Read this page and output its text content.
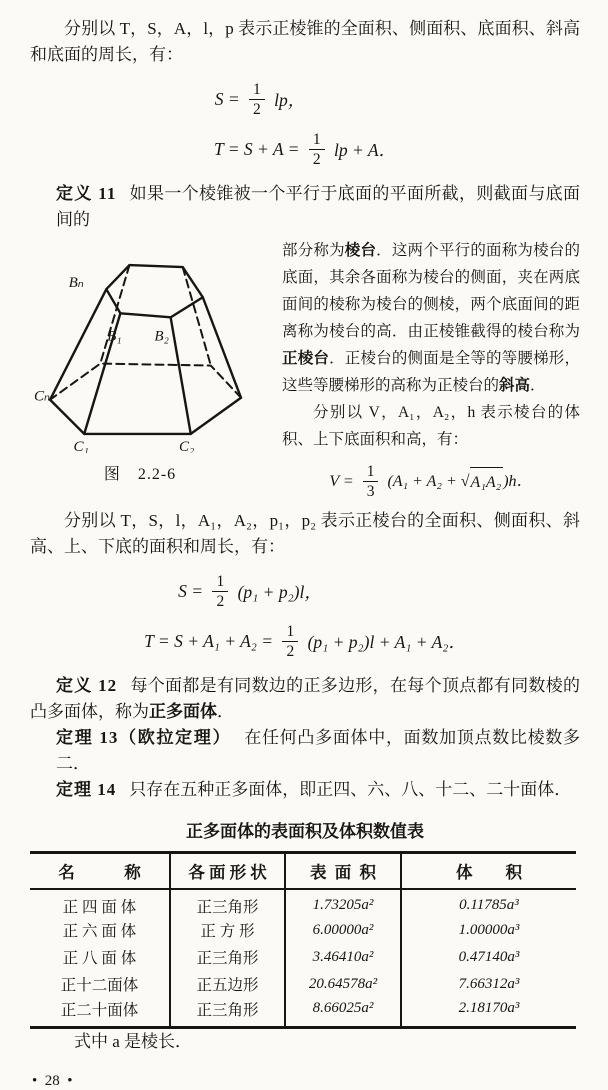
分别以 T，S，A，l，p 表示正棱锥的全面积、侧面积、底面积、斜高和底面的周长，有：

$S = \frac{1}{2}$ lp，
$T = S + A = \frac{1}{2}$ lp + A．

定义 11 如果一个棱锥被一个平行于底面的平面所截，则截面与底面间的

Bₙ
B₁ B₂
Cₙ
C₁	C₂
图　2.2-6

部分称为棱台．这两个平行的面称为棱台的底面，其余各面称为棱台的侧面，夹在两底面间的棱称为棱台的侧棱，两个底面间的距离称为棱台的高．由正棱锥截得的棱台称为正棱台．正棱台的侧面是全等的等腰梯形，这些等腰梯形的高称为正棱台的斜高．

分别以 V，A₁，A₂，h 表示棱台的体积、上下底面积和高，有：

$V = \frac{1}{3} (A_1 + A_2$ + √ A₁A₂ )h．

分别以 T，S，l，A₁，A₂，p₁，p₂ 表示正棱台的全面积、侧面积、斜高、上、下底的面积和周长，有：

$S = \frac{1}{2} (p_1 + p_2)l$，
$T = S + A_1 + A_2 = \frac{1}{2} (p_1 + p_2)l + A_1 + A_2$．

定义 12 每个面都是有同数边的正多边形，在每个顶点都有同数棱的凸多面体，称为正多面体．

定理 13（欧拉定理） 在任何凸多面体中，面数加顶点数比棱数多二．

定理 14 只存在五种正多面体，即正四、六、八、十二、二十面体．

正多面体的表面积及体积数值表
名　　　称	各 面 形 状	表  面  积	体　　积
正 四 面 体	正三角形	1.73205a²	0.11785a³
正 六 面 体	正 方 形	6.00000a²	1.00000a³
正 八 面 体	正三角形	3.46410a²	0.47140a³
正十二面体	正五边形	20.64578a²	7.66312a³
正二十面体	正三角形	8.66025a²	2.18170a³

式中 a 是棱长．

•  28  •
